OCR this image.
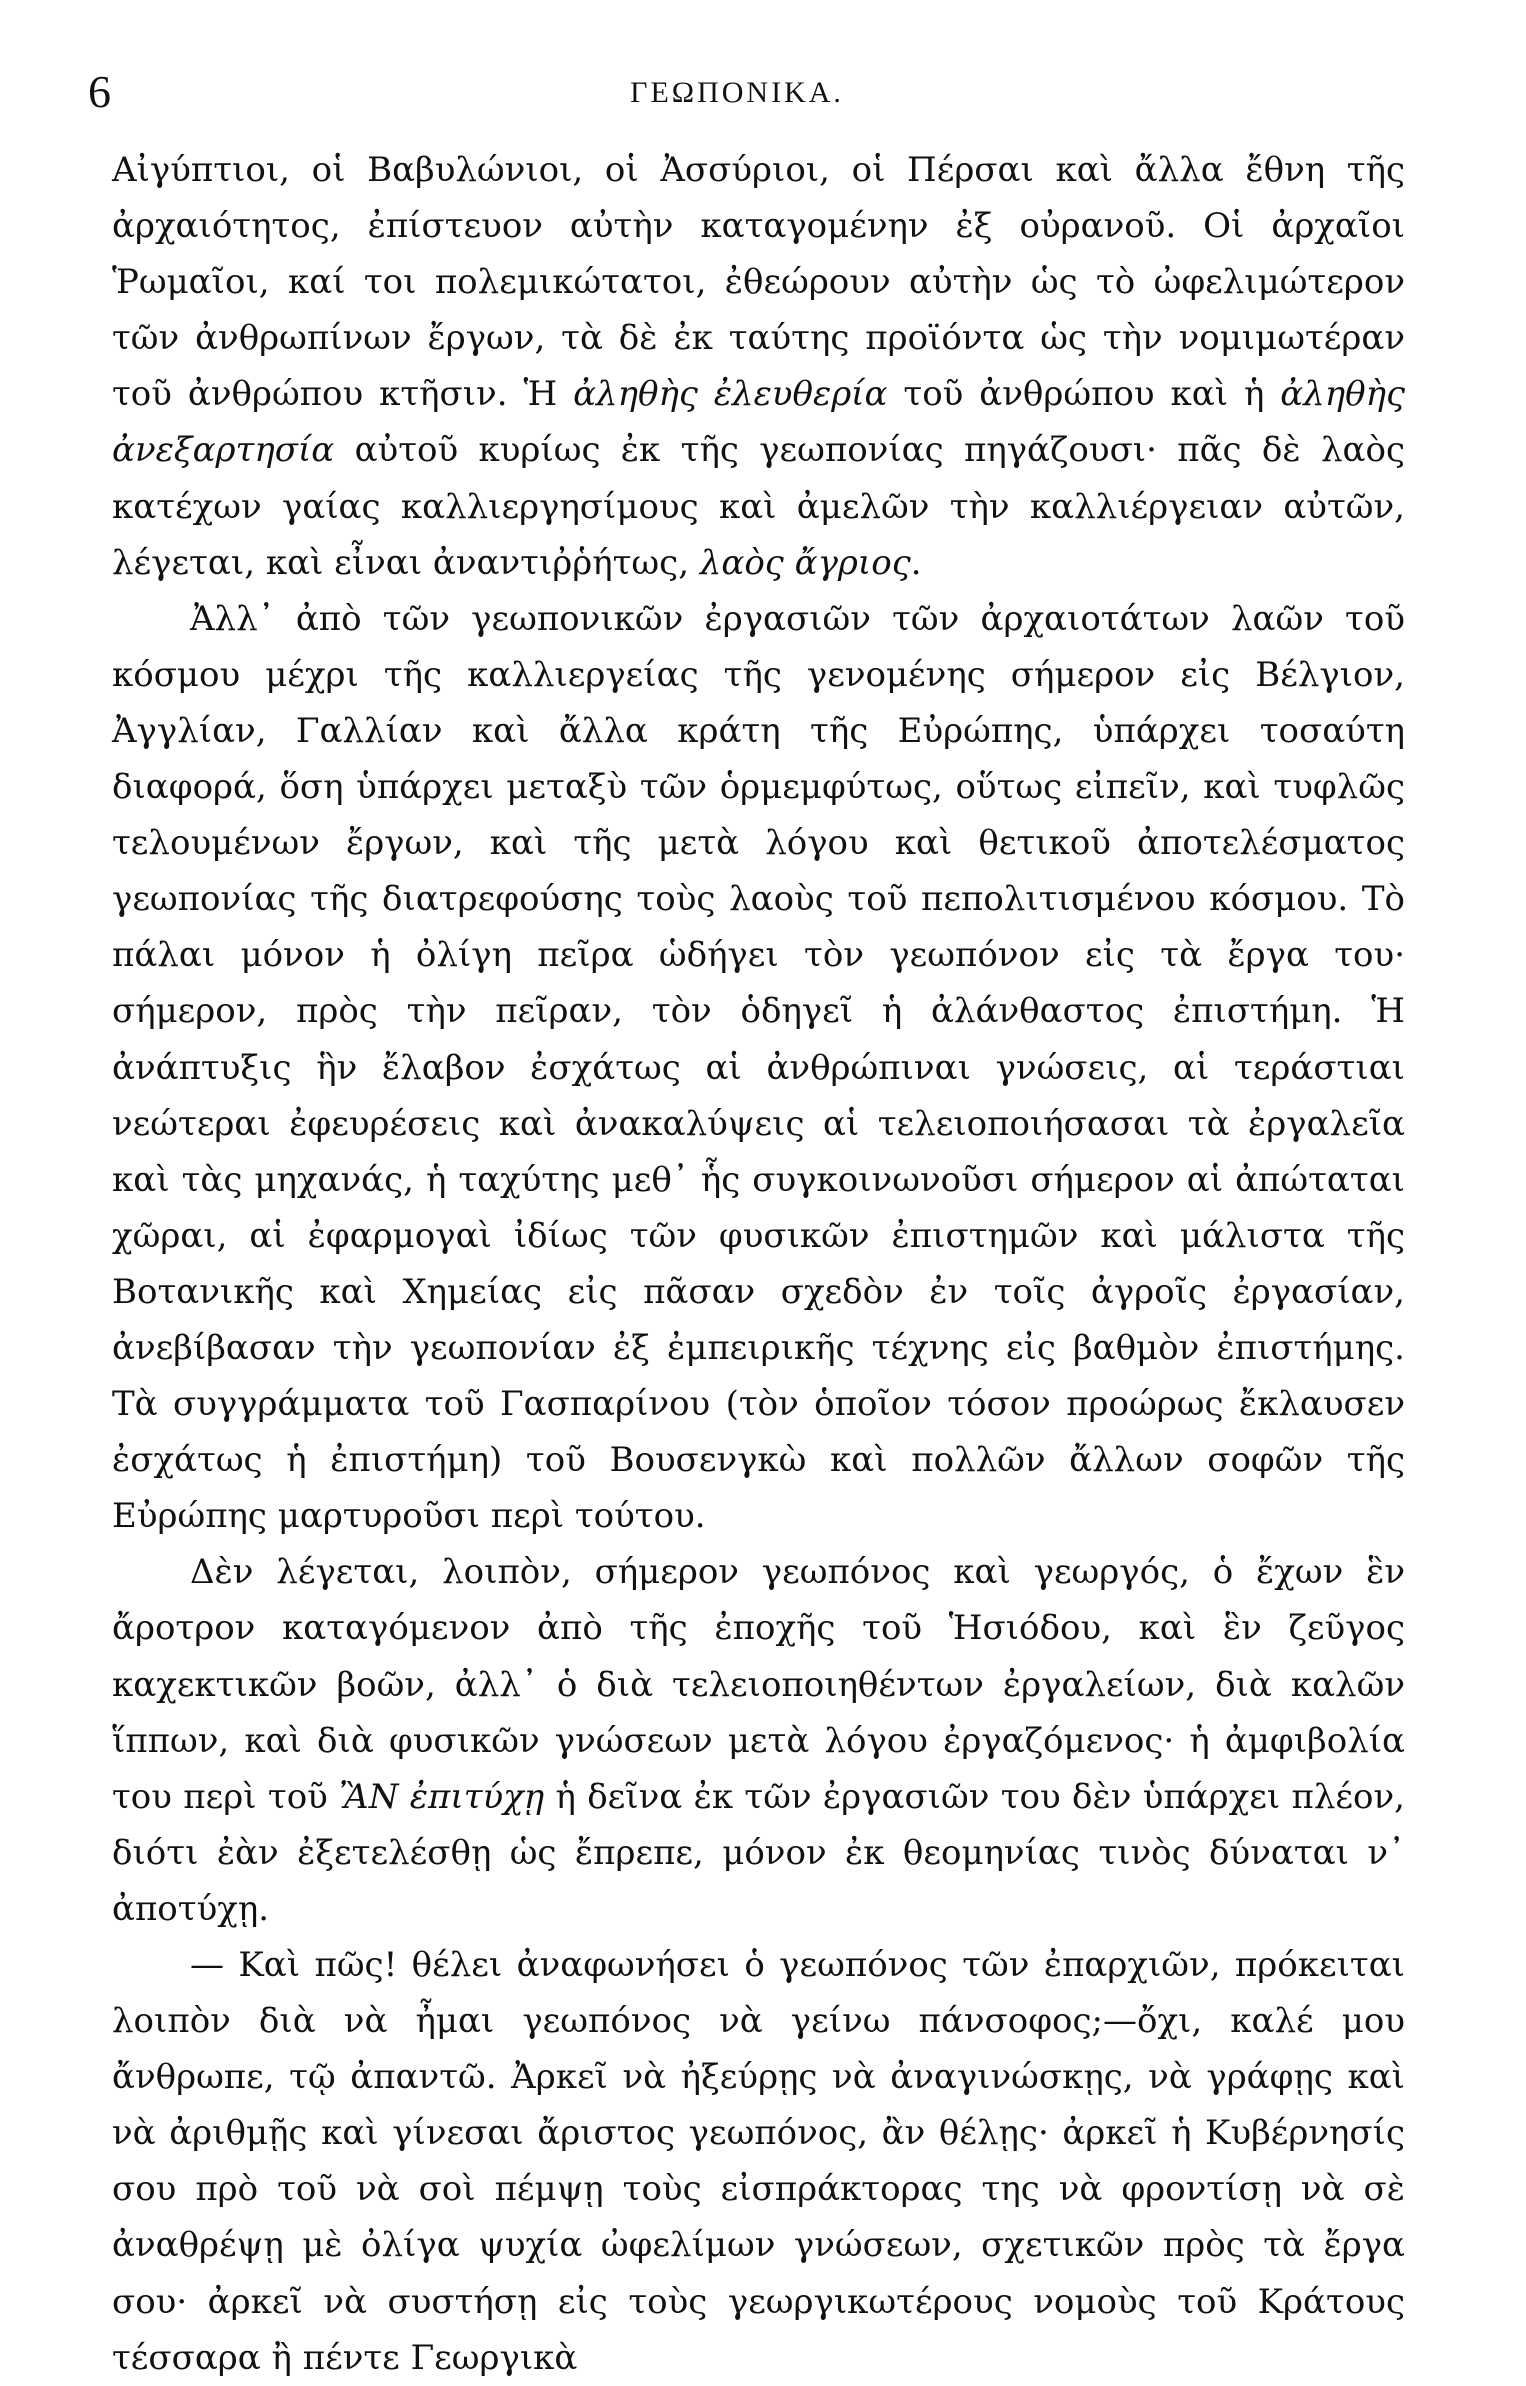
6	ΓΕΩΠΟΝΙΚΑ.

Αἰγύπτιοι, οἱ Βαβυλώνιοι, οἱ Ἀσσύριοι, οἱ Πέρσαι καὶ ἄλλα ἔθνη τῆς ἀρχαιότητος, ἐπίστευον αὐτὴν καταγομένην ἐξ οὐρανοῦ. Οἱ ἀρχαῖοι Ῥωμαῖοι, καί τοι πολεμικώτατοι, ἐθεώρουν αὐτὴν ὡς τὸ ὠφελιμώτερον τῶν ἀνθρωπίνων ἔργων, τὰ δὲ ἐκ ταύτης προϊόντα ὡς τὴν νομιμωτέραν τοῦ ἀνθρώπου κτῆσιν. Ἡ ἀληθὴς ἐλευθερία τοῦ ἀνθρώπου καὶ ἡ ἀληθὴς ἀνεξαρτησία αὐτοῦ κυρίως ἐκ τῆς γεωπονίας πηγάζουσι· πᾶς δὲ λαὸς κατέχων γαίας καλλιεργησίμους καὶ ἀμελῶν τὴν καλλιέργειαν αὐτῶν, λέγεται, καὶ εἶναι ἀναντιῤῥήτως, λαὸς ἄγριος.

Ἀλλ᾽ ἀπὸ τῶν γεωπονικῶν ἐργασιῶν τῶν ἀρχαιοτάτων λαῶν τοῦ κόσμου μέχρι τῆς καλλιεργείας τῆς γενομένης σήμερον εἰς Βέλγιον, Ἀγγλίαν, Γαλλίαν καὶ ἄλλα κράτη τῆς Εὐρώπης, ὑπάρχει τοσαύτη διαφορά, ὅση ὑπάρχει μεταξὺ τῶν ὁρμεμφύτως, οὕτως εἰπεῖν, καὶ τυφλῶς τελουμένων ἔργων, καὶ τῆς μετὰ λόγου καὶ θετικοῦ ἀποτελέσματος γεωπονίας τῆς διατρεφούσης τοὺς λαοὺς τοῦ πεπολιτισμένου κόσμου. Τὸ πάλαι μόνον ἡ ὀλίγη πεῖρα ὡδήγει τὸν γεωπόνον εἰς τὰ ἔργα του· σήμερον, πρὸς τὴν πεῖραν, τὸν ὁδηγεῖ ἡ ἀλάνθαστος ἐπιστήμη. Ἡ ἀνάπτυξις ἣν ἔλαβον ἐσχάτως αἱ ἀνθρώπιναι γνώσεις, αἱ τεράστιαι νεώτεραι ἐφευρέσεις καὶ ἀνακαλύψεις αἱ τελειοποιήσασαι τὰ ἐργαλεῖα καὶ τὰς μηχανάς, ἡ ταχύτης μεθ᾽ ἧς συγκοινωνοῦσι σήμερον αἱ ἀπώταται χῶραι, αἱ ἐφαρμογαὶ ἰδίως τῶν φυσικῶν ἐπιστημῶν καὶ μάλιστα τῆς Βοτανικῆς καὶ Χημείας εἰς πᾶσαν σχεδὸν ἐν τοῖς ἀγροῖς ἐργασίαν, ἀνεβίβασαν τὴν γεωπονίαν ἐξ ἐμπειρικῆς τέχνης εἰς βαθμὸν ἐπιστήμης. Τὰ συγγράμματα τοῦ Γασπαρίνου (τὸν ὁποῖον τόσον προώρως ἔκλαυσεν ἐσχάτως ἡ ἐπιστήμη) τοῦ Βουσενγκὼ καὶ πολλῶν ἄλλων σοφῶν τῆς Εὐρώπης μαρτυροῦσι περὶ τούτου.

Δὲν λέγεται, λοιπὸν, σήμερον γεωπόνος καὶ γεωργός, ὁ ἔχων ἓν ἄροτρον καταγόμενον ἀπὸ τῆς ἐποχῆς τοῦ Ἡσιόδου, καὶ ἓν ζεῦγος καχεκτικῶν βοῶν, ἀλλ᾽ ὁ διὰ τελειοποιηθέντων ἐργαλείων, διὰ καλῶν ἵππων, καὶ διὰ φυσικῶν γνώσεων μετὰ λόγου ἐργαζόμενος· ἡ ἀμφιβολία του περὶ τοῦ ἊΝ ἐπιτύχῃ ἡ δεῖνα ἐκ τῶν ἐργασιῶν του δὲν ὑπάρχει πλέον, διότι ἐὰν ἐξετελέσθῃ ὡς ἔπρεπε, μόνον ἐκ θεομηνίας τινὸς δύναται ν᾽ ἀποτύχῃ.

— Καὶ πῶς! θέλει ἀναφωνήσει ὁ γεωπόνος τῶν ἐπαρχιῶν, πρόκειται λοιπὸν διὰ νὰ ἦμαι γεωπόνος νὰ γείνω πάνσοφος;—ὄχι, καλέ μου ἄνθρωπε, τῷ ἀπαντῶ. Ἀρκεῖ νὰ ἠξεύρῃς νὰ ἀναγινώσκῃς, νὰ γράφῃς καὶ νὰ ἀριθμῇς καὶ γίνεσαι ἄριστος γεωπόνος, ἂν θέλῃς· ἀρκεῖ ἡ Κυβέρνησίς σου πρὸ τοῦ νὰ σοὶ πέμψῃ τοὺς εἰσπράκτορας της νὰ φροντίσῃ νὰ σὲ ἀναθρέψῃ μὲ ὀλίγα ψυχία ὠφελίμων γνώσεων, σχετικῶν πρὸς τὰ ἔργα σου· ἀρκεῖ νὰ συστήσῃ εἰς τοὺς γεωργικωτέρους νομοὺς τοῦ Κράτους τέσσαρα ἢ πέντε Γεωργικὰ
